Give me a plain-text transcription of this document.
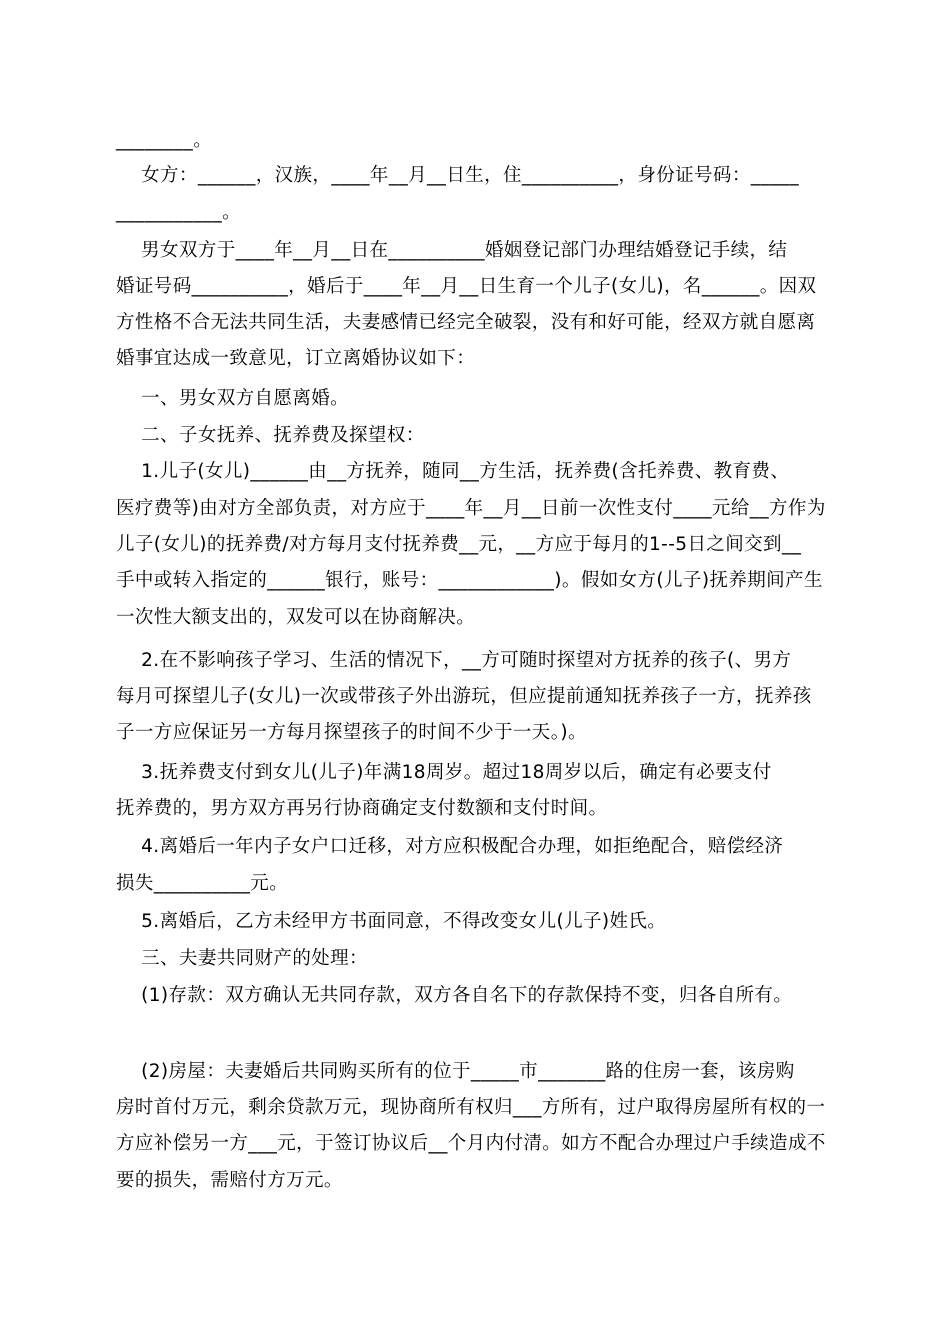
________。
女方：______，汉族，____年__月__日生，住__________，身份证号码：_____
___________。
男女双方于____年__月__日在__________婚姻登记部门办理结婚登记手续，结
婚证号码__________，婚后于____年__月__日生育一个儿子(女儿)，名______。因双
方性格不合无法共同生活，夫妻感情已经完全破裂，没有和好可能，经双方就自愿离
婚事宜达成一致意见，订立离婚协议如下：
一、男女双方自愿离婚。
二、子女抚养、抚养费及探望权：
1.儿子(女儿)______由__方抚养，随同__方生活，抚养费(含托养费、教育费、
医疗费等)由对方全部负责，对方应于____年__月__日前一次性支付____元给__方作为
儿子(女儿)的抚养费/对方每月支付抚养费__元，__方应于每月的1--5日之间交到__
手中或转入指定的______银行，账号：____________)。假如女方(儿子)抚养期间产生
一次性大额支出的，双发可以在协商解决。
2.在不影响孩子学习、生活的情况下，__方可随时探望对方抚养的孩子(、男方
每月可探望儿子(女儿)一次或带孩子外出游玩，但应提前通知抚养孩子一方，抚养孩
子一方应保证另一方每月探望孩子的时间不少于一天。)。
3.抚养费支付到女儿(儿子)年满18周岁。超过18周岁以后，确定有必要支付
抚养费的，男方双方再另行协商确定支付数额和支付时间。
4.离婚后一年内子女户口迁移，对方应积极配合办理，如拒绝配合，赔偿经济
损失__________元。
5.离婚后，乙方未经甲方书面同意，不得改变女儿(儿子)姓氏。
三、夫妻共同财产的处理：
(1)存款：双方确认无共同存款，双方各自名下的存款保持不变，归各自所有。
(2)房屋：夫妻婚后共同购买所有的位于_____市_______路的住房一套，该房购
房时首付万元，剩余贷款万元，现协商所有权归___方所有，过户取得房屋所有权的一
方应补偿另一方___元，于签订协议后__个月内付清。如方不配合办理过户手续造成不
要的损失，需赔付方万元。
